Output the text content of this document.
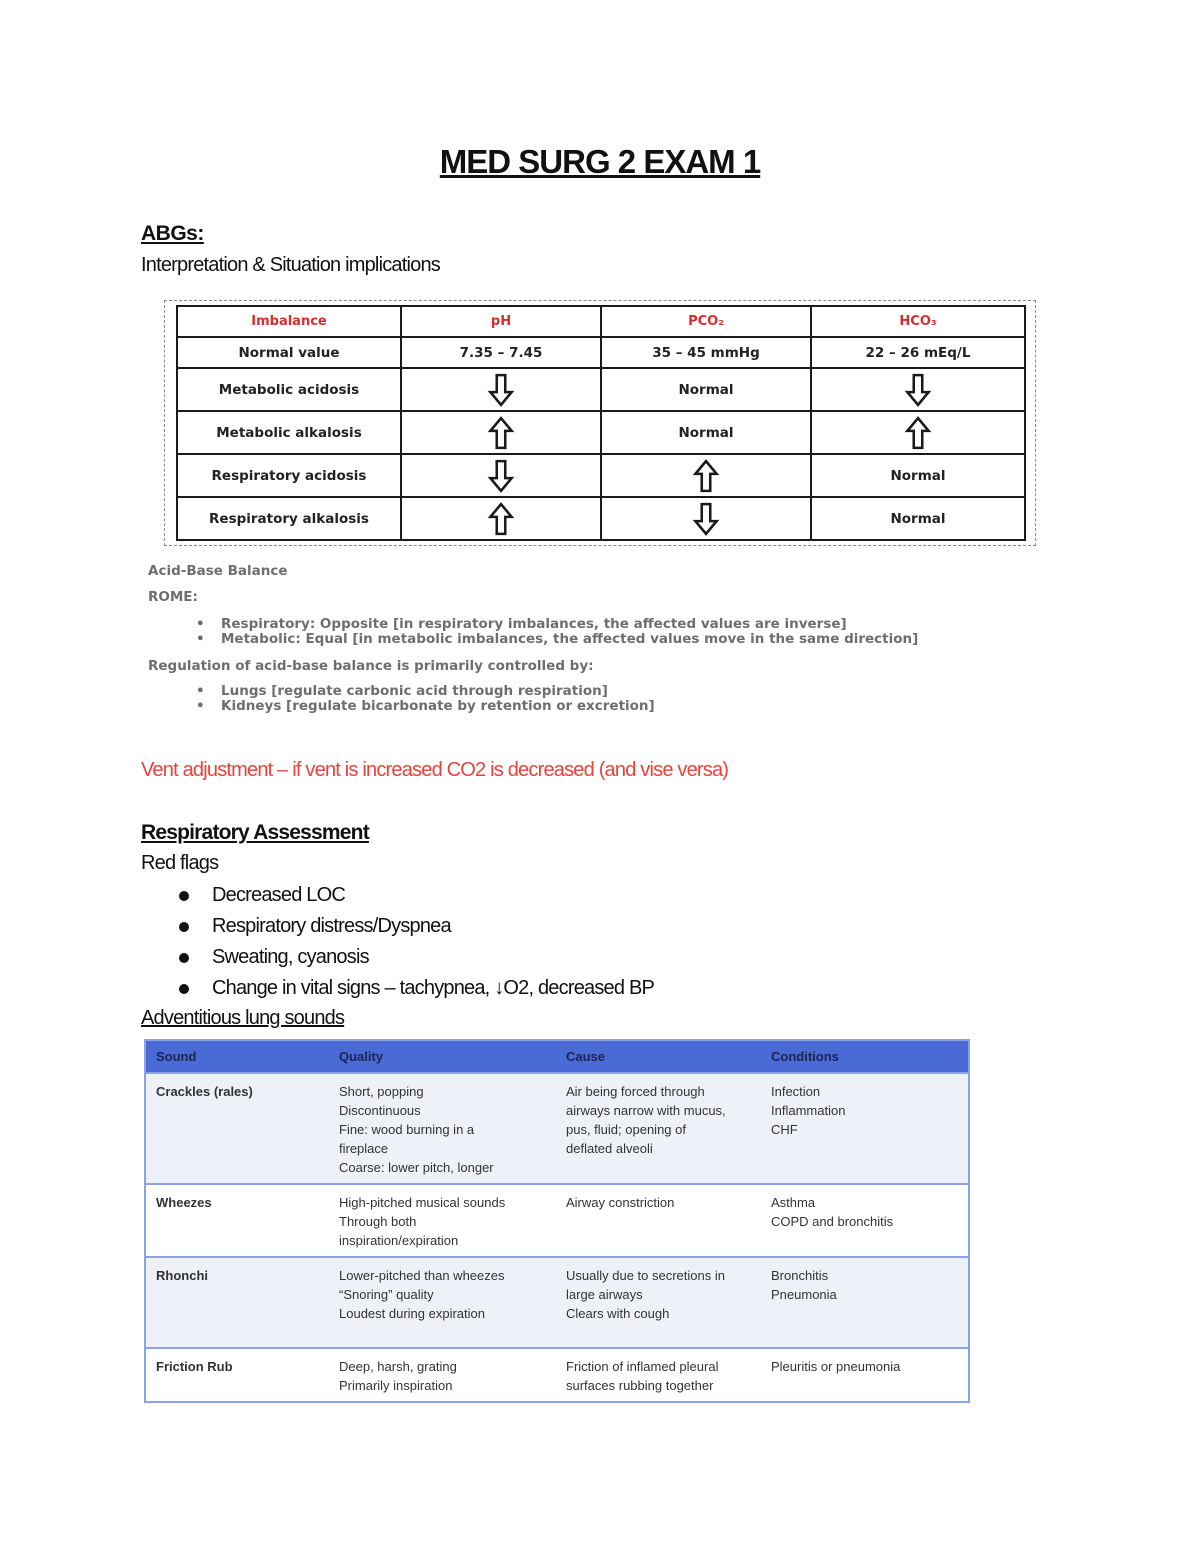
MED SURG 2 EXAM 1
ABGs:
Interpretation & Situation implications
Imbalance	pH	PCO₂	HCO₃
Normal value	7.35 – 7.45	35 – 45 mmHg	22 – 26 mEq/L
Metabolic acidosis		Normal	

Metabolic alkalosis		Normal	

Respiratory acidosis			Normal
Respiratory alkalosis			Normal
Acid-Base Balance
ROME:
• Respiratory: Opposite [in respiratory imbalances, the affected values are inverse]
• Metabolic: Equal [in metabolic imbalances, the affected values move in the same direction]
Regulation of acid-base balance is primarily controlled by:
• Lungs [regulate carbonic acid through respiration]
• Kidneys [regulate bicarbonate by retention or excretion]
Vent adjustment – if vent is increased CO2 is decreased (and vise versa)
Respiratory Assessment
Red flags
Decreased LOC
Respiratory distress/Dyspnea
Sweating, cyanosis
Change in vital signs – tachypnea, ↓O2, decreased BP
Adventitious lung sounds
Sound	Quality	Cause	Conditions
Crackles (rales)	Short, popping
Discontinuous
Fine: wood burning in a
fireplace
Coarse: lower pitch, longer	Air being forced through
airways narrow with mucus,
pus, fluid; opening of
deflated alveoli	Infection
Inflammation
CHF

Wheezes	High-pitched musical sounds
Through both
inspiration/expiration	Airway constriction	Asthma
COPD and bronchitis

Rhonchi	Lower-pitched than wheezes
“Snoring” quality
Loudest during expiration	Usually due to secretions in
large airways
Clears with cough	Bronchitis
Pneumonia

Friction Rub	Deep, harsh, grating
Primarily inspiration	Friction of inflamed pleural
surfaces rubbing together	Pleuritis or pneumonia
